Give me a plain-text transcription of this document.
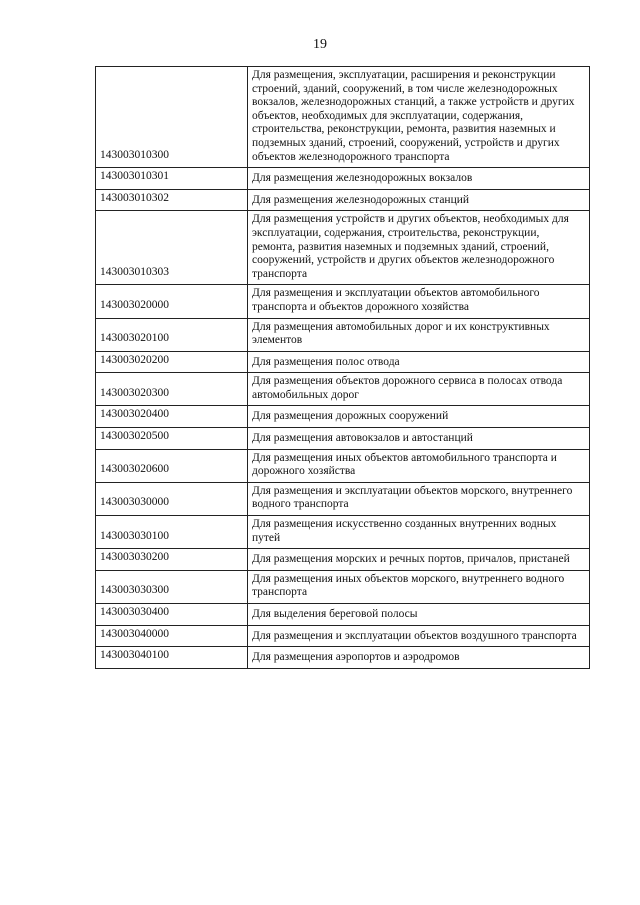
19
143003010300	Для размещения, эксплуатации, расширения и реконструкции строений, зданий, сооружений, в том числе железнодорожных вокзалов, железнодорожных станций, а также устройств и других объектов, необходимых для эксплуатации, содержания, строительства, реконструкции, ремонта, развития наземных и подземных зданий, строений, сооружений, устройств и других объектов железнодорожного транспорта
143003010301	Для размещения железнодорожных вокзалов
143003010302	Для размещения железнодорожных станций
143003010303	Для размещения устройств и других объектов, необходимых для эксплуатации, содержания, строительства, реконструкции, ремонта, развития наземных и подземных зданий, строений, сооружений, устройств и других объектов железнодорожного транспорта
143003020000	Для размещения и эксплуатации объектов автомобильного транспорта и объектов дорожного хозяйства
143003020100	Для размещения автомобильных дорог и их конструктивных элементов
143003020200	Для размещения полос отвода
143003020300	Для размещения объектов дорожного сервиса в полосах отвода автомобильных дорог
143003020400	Для размещения дорожных сооружений
143003020500	Для размещения автовокзалов и автостанций
143003020600	Для размещения иных объектов автомобильного транспорта и дорожного хозяйства
143003030000	Для размещения и эксплуатации объектов морского, внутреннего водного транспорта
143003030100	Для размещения искусственно созданных внутренних водных путей
143003030200	Для размещения морских и речных портов, причалов, пристаней
143003030300	Для размещения иных объектов морского, внутреннего водного транспорта
143003030400	Для выделения береговой полосы
143003040000	Для размещения и эксплуатации объектов воздушного транспорта
143003040100	Для размещения аэропортов и аэродромов
